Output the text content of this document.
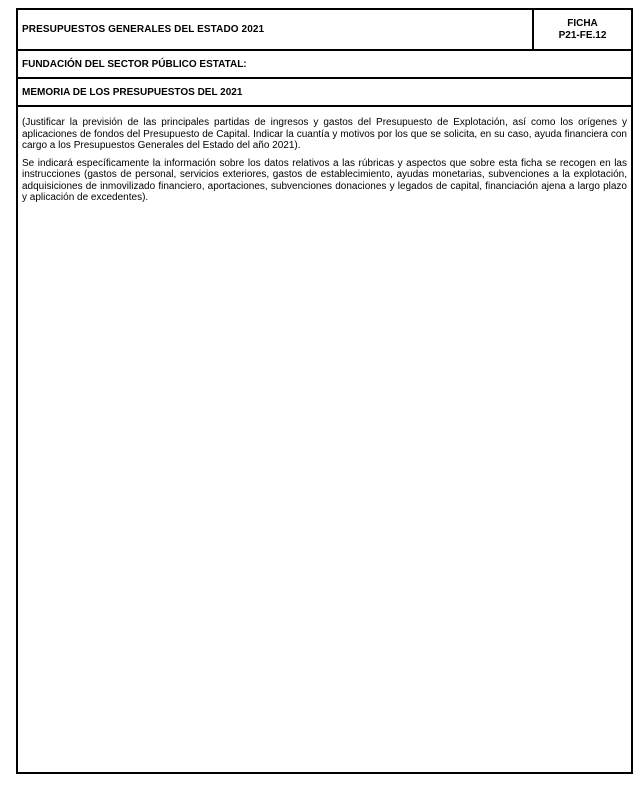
PRESUPUESTOS GENERALES DEL ESTADO 2021
FICHA
P21-FE.12
FUNDACIÓN DEL SECTOR PÚBLICO ESTATAL:
MEMORIA DE LOS PRESUPUESTOS DEL 2021

(Justificar la previsión de las principales partidas de ingresos y gastos del Presupuesto de Explotación, así como los orígenes y aplicaciones de fondos del Presupuesto de Capital. Indicar la cuantía y motivos por los que se solicita, en su caso, ayuda financiera con cargo a los Presupuestos Generales del Estado del año 2021).

Se indicará específicamente la información sobre los datos relativos a las rúbricas y aspectos que sobre esta ficha se recogen en las instrucciones (gastos de personal, servicios exteriores, gastos de establecimiento, ayudas monetarias, subvenciones a la explotación, adquisiciones de inmovilizado financiero, aportaciones, subvenciones donaciones y legados de capital, financiación ajena a largo plazo y aplicación de excedentes).
